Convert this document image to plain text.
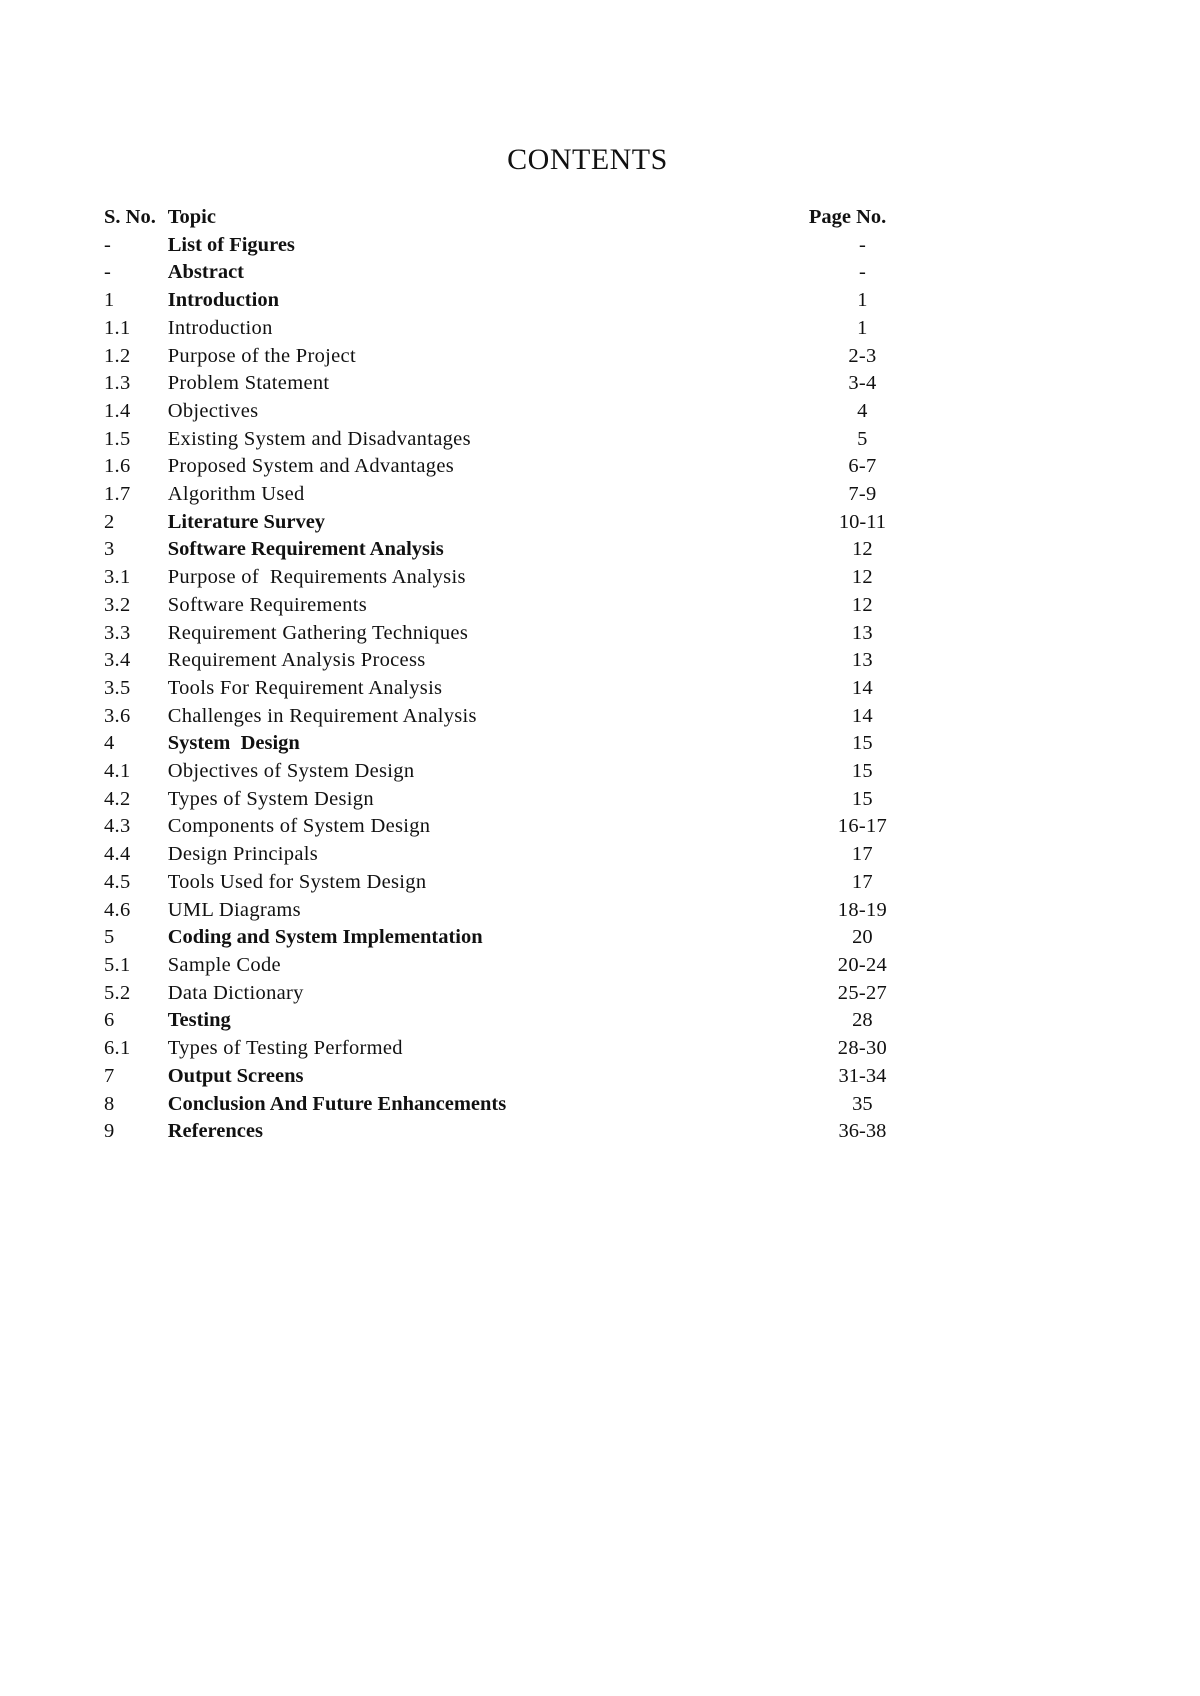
CONTENTS
S. No.	Topic	Page No.
-	List of Figures	-
-	Abstract	-
1	Introduction	1
1.1	Introduction	1
1.2	Purpose of the Project	2-3
1.3	Problem Statement	3-4
1.4	Objectives	4
1.5	Existing System and Disadvantages	5
1.6	Proposed System and Advantages	6-7
1.7	Algorithm Used	7-9
2	Literature Survey	10-11
3	Software Requirement Analysis	12
3.1	Purpose of  Requirements Analysis	12
3.2	Software Requirements	12
3.3	Requirement Gathering Techniques	13
3.4	Requirement Analysis Process	13
3.5	Tools For Requirement Analysis	14
3.6	Challenges in Requirement Analysis	14
4	System  Design	15
4.1	Objectives of System Design	15
4.2	Types of System Design	15
4.3	Components of System Design	16-17
4.4	Design Principals	17
4.5	Tools Used for System Design	17
4.6	UML Diagrams	18-19
5	Coding and System Implementation	20
5.1	Sample Code	20-24
5.2	Data Dictionary	25-27
6	Testing	28
6.1	Types of Testing Performed	28-30
7	Output Screens	31-34
8	Conclusion And Future Enhancements	35
9	References	36-38
